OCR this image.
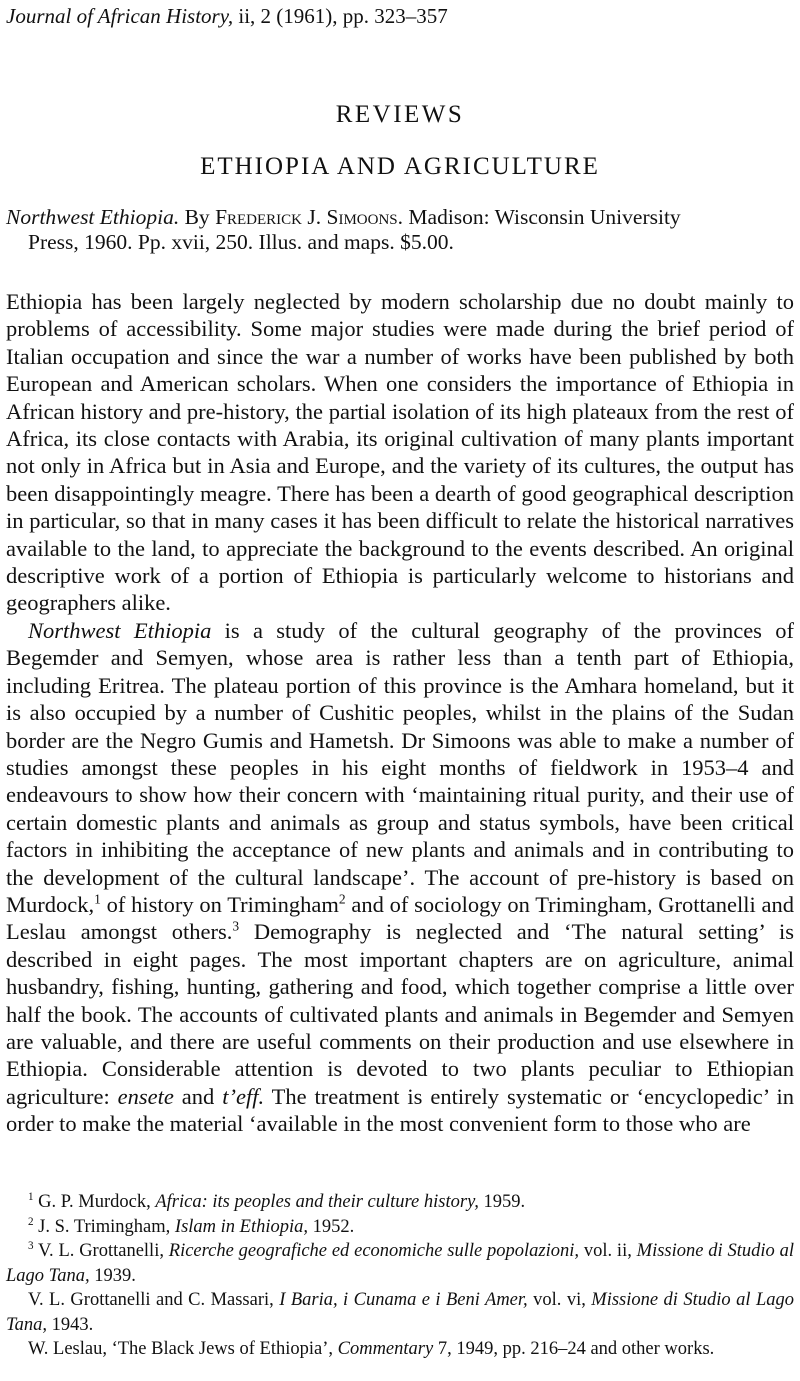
Journal of African History, ii, 2 (1961), pp. 323–357
REVIEWS
ETHIOPIA AND AGRICULTURE
Northwest Ethiopia. By Frederick J. Simoons. Madison: Wisconsin University
Press, 1960. Pp. xvii, 250. Illus. and maps. $5.00.

Ethiopia has been largely neglected by modern scholarship due no doubt mainly to problems of accessibility. Some major studies were made during the brief period of Italian occupation and since the war a number of works have been published by both European and American scholars. When one considers the importance of Ethiopia in African history and pre-history, the partial isolation of its high plateaux from the rest of Africa, its close contacts with Arabia, its original cultivation of many plants important not only in Africa but in Asia and Europe, and the variety of its cultures, the output has been disappointingly meagre. There has been a dearth of good geographical description in particular, so that in many cases it has been difficult to relate the historical narratives available to the land, to appreciate the background to the events described. An original descriptive work of a portion of Ethiopia is particularly welcome to historians and geographers alike.

Northwest Ethiopia is a study of the cultural geography of the provinces of Begemder and Semyen, whose area is rather less than a tenth part of Ethiopia, including Eritrea. The plateau portion of this province is the Amhara homeland, but it is also occupied by a number of Cushitic peoples, whilst in the plains of the Sudan border are the Negro Gumis and Hametsh. Dr Simoons was able to make a number of studies amongst these peoples in his eight months of fieldwork in 1953–4 and endeavours to show how their concern with ‘maintaining ritual purity, and their use of certain domestic plants and animals as group and status symbols, have been critical factors in inhibiting the acceptance of new plants and animals and in contributing to the development of the cultural landscape’. The account of pre-history is based on Murdock,$^1$ of history on Trimingham$^2$ and of sociology on Trimingham, Grottanelli and Leslau amongst others.$^3$ Demography is neglected and ‘The natural setting’ is described in eight pages. The most important chapters are on agriculture, animal husbandry, fishing, hunting, gathering and food, which together comprise a little over half the book. The accounts of cultivated plants and animals in Begemder and Semyen are valuable, and there are useful comments on their production and use elsewhere in Ethiopia. Considerable attention is devoted to two plants peculiar to Ethiopian agriculture: ensete and t’eff. The treatment is entirely systematic or ‘encyclopedic’ in order to make the material ‘available in the most convenient form to those who are

$^1$ G. P. Murdock, Africa: its peoples and their culture history, 1959.
$^2$ J. S. Trimingham, Islam in Ethiopia, 1952.
$^3$ V. L. Grottanelli, Ricerche geografiche ed economiche sulle popolazioni, vol. ii, Missione di Studio al Lago Tana, 1939.
V. L. Grottanelli and C. Massari, I Baria, i Cunama e i Beni Amer, vol. vi, Missione di Studio al Lago Tana, 1943.
W. Leslau, ‘The Black Jews of Ethiopia’, Commentary 7, 1949, pp. 216–24 and other works.
